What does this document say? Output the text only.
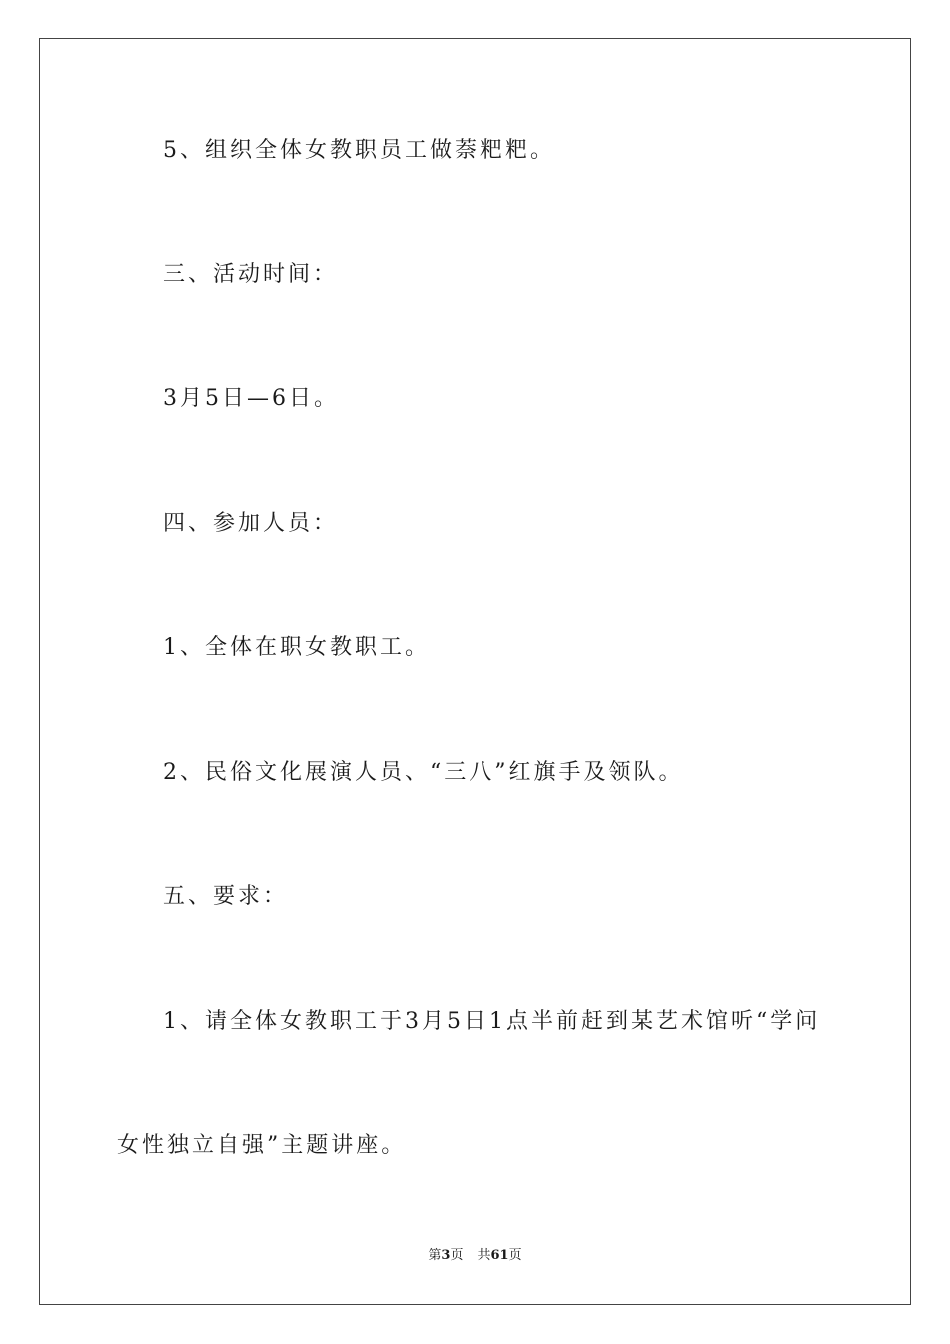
5、组织全体女教职员工做萘粑粑。
三、活动时间：
3月5日—6日。
四、参加人员：
1、全体在职女教职工。
2、民俗文化展演人员、“三八”红旗手及领队。
五、要求：
1、请全体女教职工于3月5日1点半前赶到某艺术馆听“学问
女性独立自强”主题讲座。
第3页 共61页
